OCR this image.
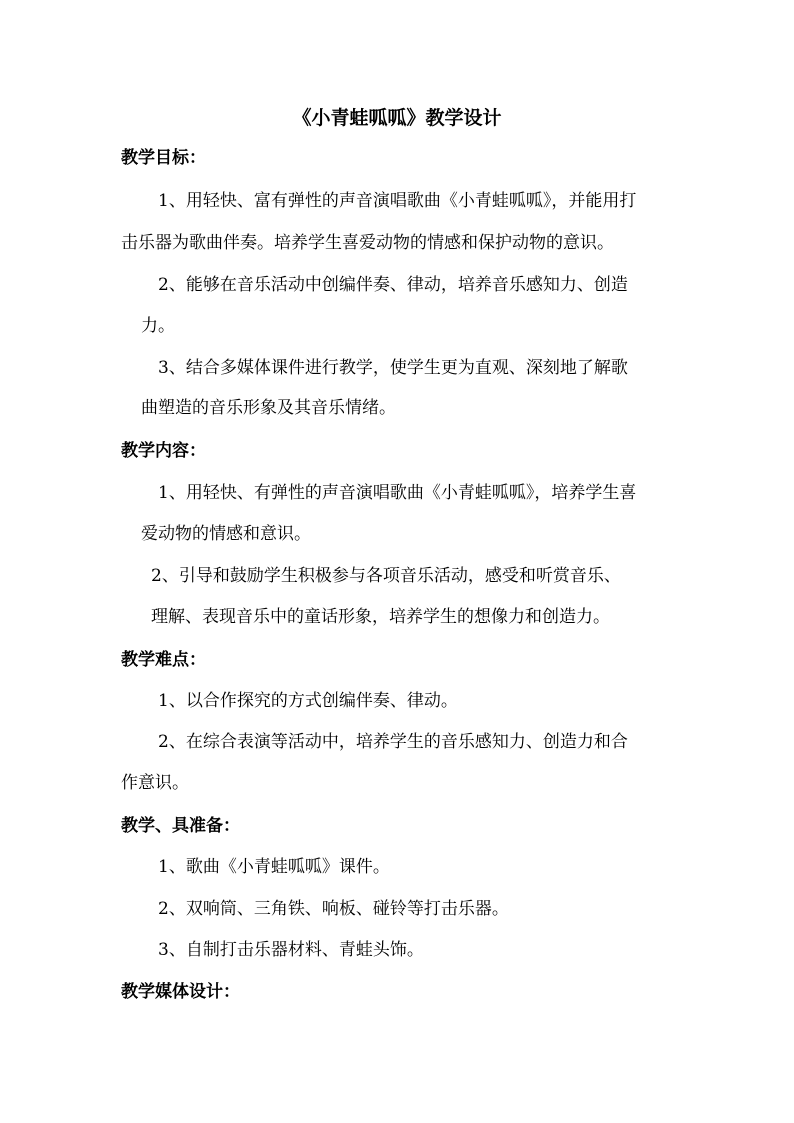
《小青蛙呱呱》教学设计
教学目标：
1、用轻快、富有弹性的声音演唱歌曲《小青蛙呱呱》，并能用打
击乐器为歌曲伴奏。培养学生喜爱动物的情感和保护动物的意识。
2、能够在音乐活动中创编伴奏、律动，培养音乐感知力、创造
力。
3、结合多媒体课件进行教学，使学生更为直观、深刻地了解歌
曲塑造的音乐形象及其音乐情绪。
教学内容：
1、用轻快、有弹性的声音演唱歌曲《小青蛙呱呱》，培养学生喜
爱动物的情感和意识。
2、引导和鼓励学生积极参与各项音乐活动，感受和听赏音乐、
理解、表现音乐中的童话形象，培养学生的想像力和创造力。
教学难点：
1、以合作探究的方式创编伴奏、律动。
2、在综合表演等活动中，培养学生的音乐感知力、创造力和合
作意识。
教学、具准备：
1、歌曲《小青蛙呱呱》课件。
2、双响筒、三角铁、响板、碰铃等打击乐器。
3、自制打击乐器材料、青蛙头饰。
教学媒体设计：
